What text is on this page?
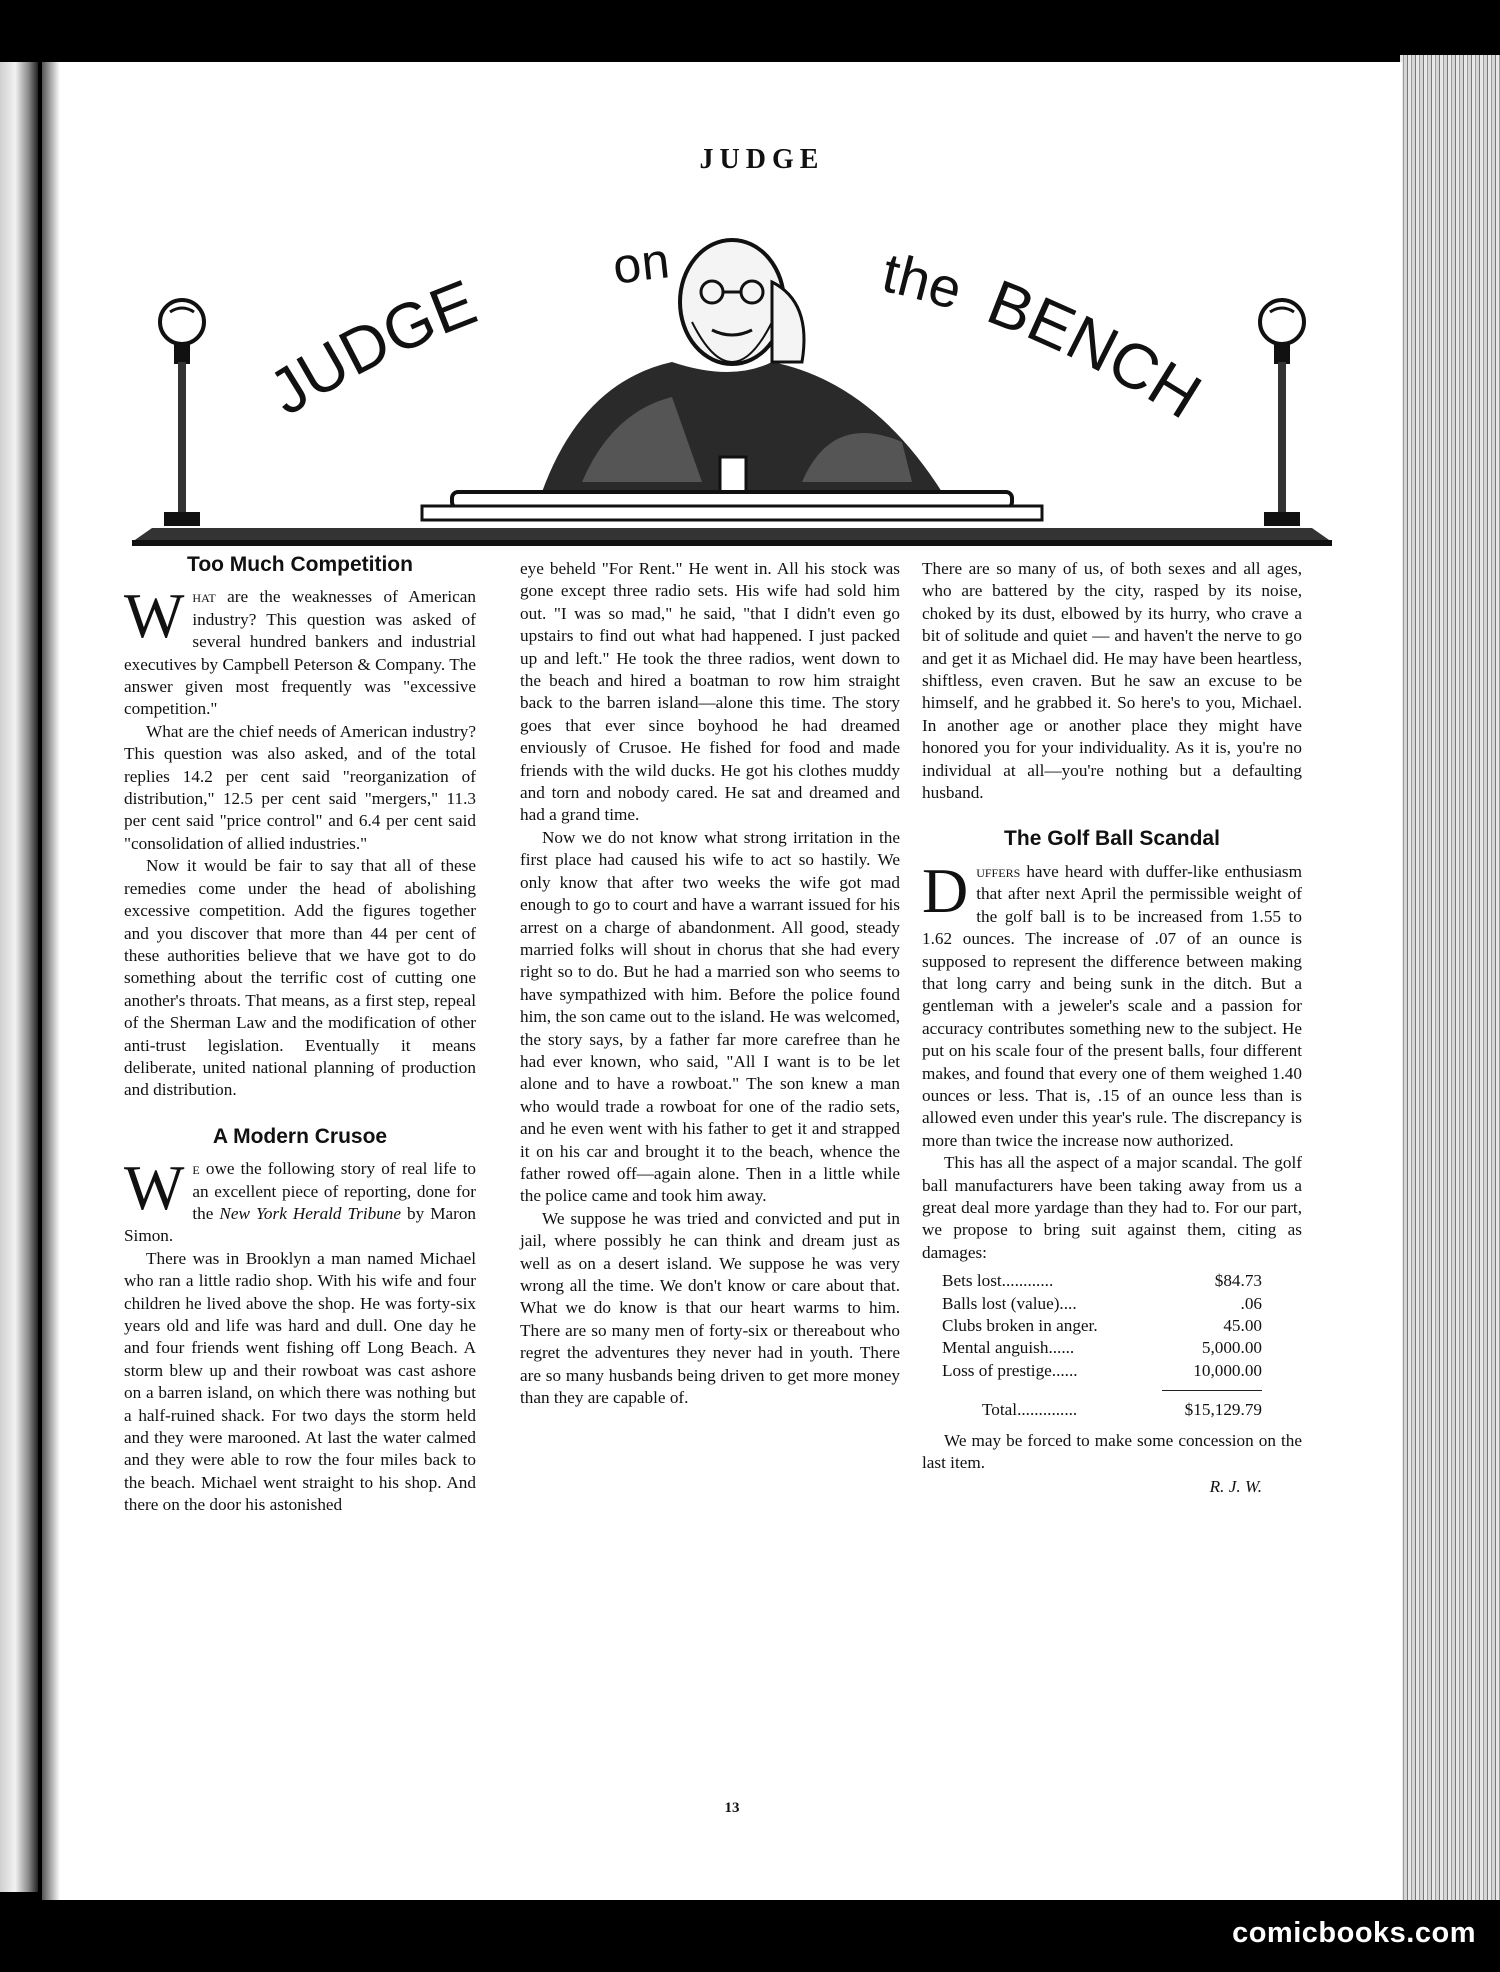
JUDGE
JUDGEon	the BENCH
Too Much Competition

What are the weaknesses of American industry? This question was asked of several hundred bankers and industrial executives by Campbell Peterson & Company. The answer given most frequently was "excessive competition."

What are the chief needs of American industry? This question was also asked, and of the total replies 14.2 per cent said "reorganization of distribution," 12.5 per cent said "mergers," 11.3 per cent said "price control" and 6.4 per cent said "consolidation of allied industries."

Now it would be fair to say that all of these remedies come under the head of abolishing excessive competition. Add the figures together and you discover that more than 44 per cent of these authorities believe that we have got to do something about the terrific cost of cutting one another's throats. That means, as a first step, repeal of the Sherman Law and the modification of other anti-trust legislation. Eventually it means deliberate, united national planning of production and distribution.

A Modern Crusoe

We owe the following story of real life to an excellent piece of reporting, done for the New York Herald Tribune by Maron Simon.

There was in Brooklyn a man named Michael who ran a little radio shop. With his wife and four children he lived above the shop. He was forty-six years old and life was hard and dull. One day he and four friends went fishing off Long Beach. A storm blew up and their rowboat was cast ashore on a barren island, on which there was nothing but a half-ruined shack. For two days the storm held and they were marooned. At last the water calmed and they were able to row the four miles back to the beach. Michael went straight to his shop. And there on the door his astonished

eye beheld "For Rent." He went in. All his stock was gone except three radio sets. His wife had sold him out. "I was so mad," he said, "that I didn't even go upstairs to find out what had happened. I just packed up and left." He took the three radios, went down to the beach and hired a boatman to row him straight back to the barren island—alone this time. The story goes that ever since boyhood he had dreamed enviously of Crusoe. He fished for food and made friends with the wild ducks. He got his clothes muddy and torn and nobody cared. He sat and dreamed and had a grand time.

Now we do not know what strong irritation in the first place had caused his wife to act so hastily. We only know that after two weeks the wife got mad enough to go to court and have a warrant issued for his arrest on a charge of abandonment. All good, steady married folks will shout in chorus that she had every right so to do. But he had a married son who seems to have sympathized with him. Before the police found him, the son came out to the island. He was welcomed, the story says, by a father far more carefree than he had ever known, who said, "All I want is to be let alone and to have a rowboat." The son knew a man who would trade a rowboat for one of the radio sets, and he even went with his father to get it and strapped it on his car and brought it to the beach, whence the father rowed off—again alone. Then in a little while the police came and took him away.

We suppose he was tried and convicted and put in jail, where possibly he can think and dream just as well as on a desert island. We suppose he was very wrong all the time. We don't know or care about that. What we do know is that our heart warms to him. There are so many men of forty-six or thereabout who regret the adventures they never had in youth. There are so many husbands being driven to get more money than they are capable of.

There are so many of us, of both sexes and all ages, who are battered by the city, rasped by its noise, choked by its dust, elbowed by its hurry, who crave a bit of solitude and quiet — and haven't the nerve to go and get it as Michael did. He may have been heartless, shiftless, even craven. But he saw an excuse to be himself, and he grabbed it. So here's to you, Michael. In another age or another place they might have honored you for your individuality. As it is, you're no individual at all—you're nothing but a defaulting husband.

The Golf Ball Scandal

Duffers have heard with duffer-like enthusiasm that after next April the permissible weight of the golf ball is to be increased from 1.55 to 1.62 ounces. The increase of .07 of an ounce is supposed to represent the difference between making that long carry and being sunk in the ditch. But a gentleman with a jeweler's scale and a passion for accuracy contributes something new to the subject. He put on his scale four of the present balls, four different makes, and found that every one of them weighed 1.40 ounces or less. That is, .15 of an ounce less than is allowed even under this year's rule. The discrepancy is more than twice the increase now authorized.

This has all the aspect of a major scandal. The golf ball manufacturers have been taking away from us a great deal more yardage than they had to. For our part, we propose to bring suit against them, citing as damages:

Bets lost............	$84.73
Balls lost (value)....	.06
Clubs broken in anger.	45.00
Mental anguish......	5,000.00
Loss of prestige......	10,000.00
Total..............	$15,129.79

We may be forced to make some concession on the last item.

R. J. W.
13
comicbooks.com
